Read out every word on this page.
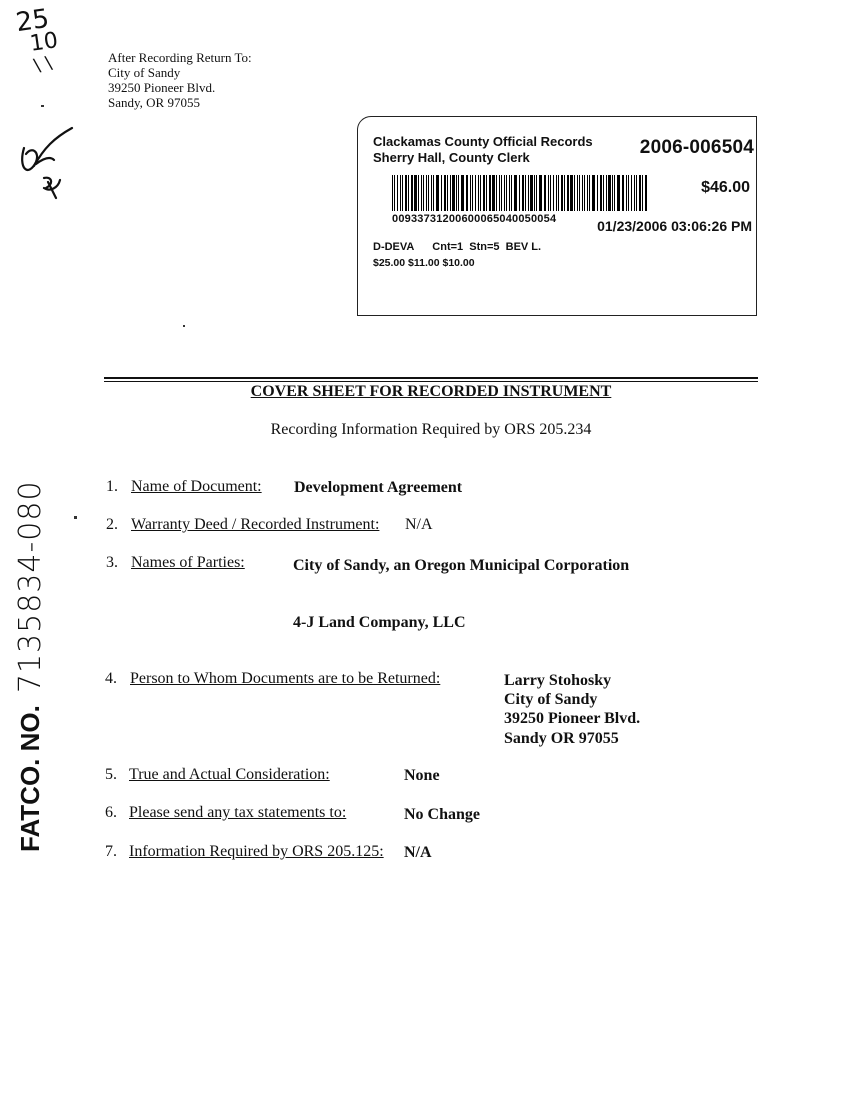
After Recording Return To:
City of Sandy
39250 Pioneer Blvd.
Sandy, OR 97055
25
10
\ \
Clackamas County Official Records
Sherry Hall, County Clerk	2006-006504
$46.00
00933731200600065040050054	01/23/2006 03:06:26 PM
D-DEVA      Cnt=1  Stn=5  BEV L.
$25.00 $11.00 $10.00
COVER SHEET FOR RECORDED INSTRUMENT
Recording Information Required by ORS 205.234
1. Name of Document: Development Agreement
2. Warranty Deed / Recorded Instrument: N/A
3. Names of Parties:	City of Sandy, an Oregon Municipal Corporation
4-J Land Company, LLC
4. Person to Whom Documents are to be Returned:	Larry Stohosky
City of Sandy
39250 Pioneer Blvd.
Sandy OR 97055
5. True and Actual Consideration:	None
6. Please send any tax statements to:	No Change
7. Information Required by ORS 205.125: N/A
FATCO. NO.
7135834-080
